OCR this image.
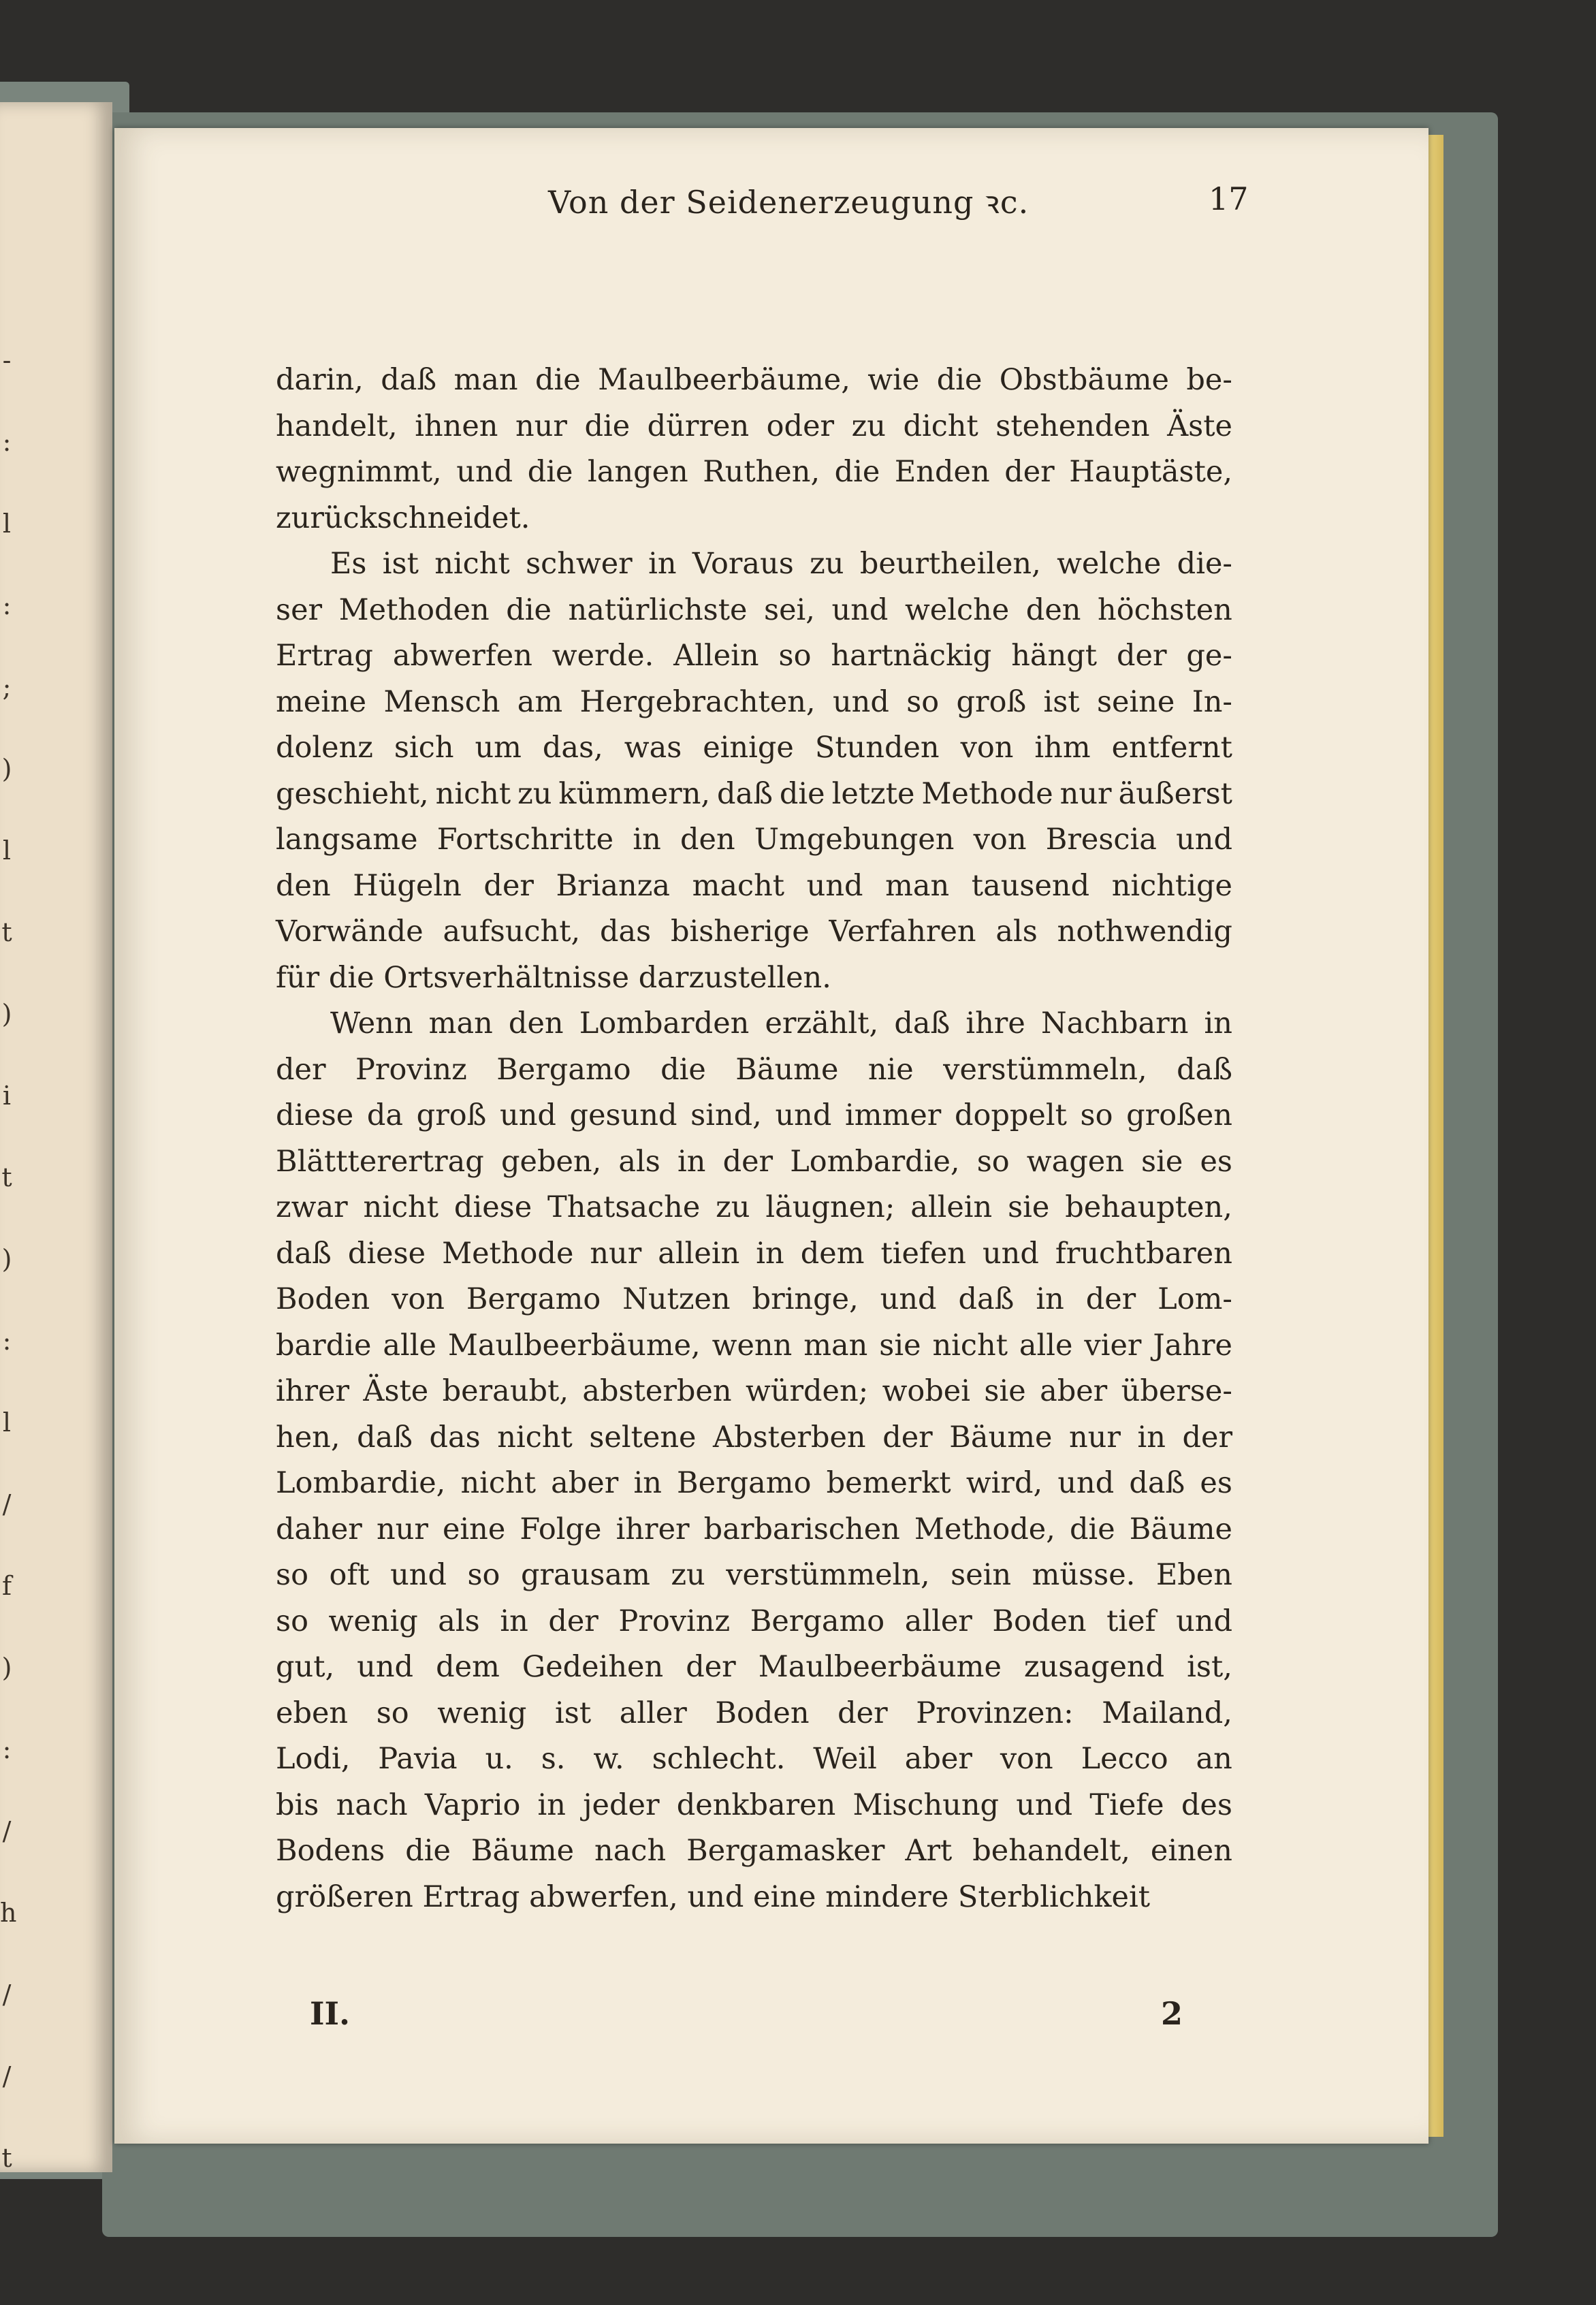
-
:
l
:
;
)
l
t
)
i
t
)
:
l
/
f
)
:
/
h
/
/
t
Von der Seidenerzeugung ꝛc.	17
darin, daß man die Maulbeerbäume, wie die Obstbäume be-
handelt, ihnen nur die dürren oder zu dicht stehenden Äste
wegnimmt, und die langen Ruthen, die Enden der Hauptäste,
zurückschneidet.
Es ist nicht schwer in Voraus zu beurtheilen, welche die-
ser Methoden die natürlichste sei, und welche den höchsten
Ertrag abwerfen werde. Allein so hartnäckig hängt der ge-
meine Mensch am Hergebrachten, und so groß ist seine In-
dolenz sich um das, was einige Stunden von ihm entfernt
geschieht, nicht zu kümmern, daß die letzte Methode nur äußerst
langsame Fortschritte in den Umgebungen von Brescia und
den Hügeln der Brianza macht und man tausend nichtige
Vorwände aufsucht, das bisherige Verfahren als nothwendig
für die Ortsverhältnisse darzustellen.
Wenn man den Lombarden erzählt, daß ihre Nachbarn in
der Provinz Bergamo die Bäume nie verstümmeln, daß
diese da groß und gesund sind, und immer doppelt so großen
Blättterertrag geben, als in der Lombardie, so wagen sie es
zwar nicht diese Thatsache zu läugnen; allein sie behaupten,
daß diese Methode nur allein in dem tiefen und fruchtbaren
Boden von Bergamo Nutzen bringe, und daß in der Lom-
bardie alle Maulbeerbäume, wenn man sie nicht alle vier Jahre
ihrer Äste beraubt, absterben würden; wobei sie aber überse-
hen, daß das nicht seltene Absterben der Bäume nur in der
Lombardie, nicht aber in Bergamo bemerkt wird, und daß es
daher nur eine Folge ihrer barbarischen Methode, die Bäume
so oft und so grausam zu verstümmeln, sein müsse. Eben
so wenig als in der Provinz Bergamo aller Boden tief und
gut, und dem Gedeihen der Maulbeerbäume zusagend ist,
eben so wenig ist aller Boden der Provinzen: Mailand,
Lodi, Pavia u. s. w. schlecht. Weil aber von Lecco an
bis nach Vaprio in jeder denkbaren Mischung und Tiefe des
Bodens die Bäume nach Bergamasker Art behandelt, einen
größeren Ertrag abwerfen, und eine mindere Sterblichkeit
II.	2
